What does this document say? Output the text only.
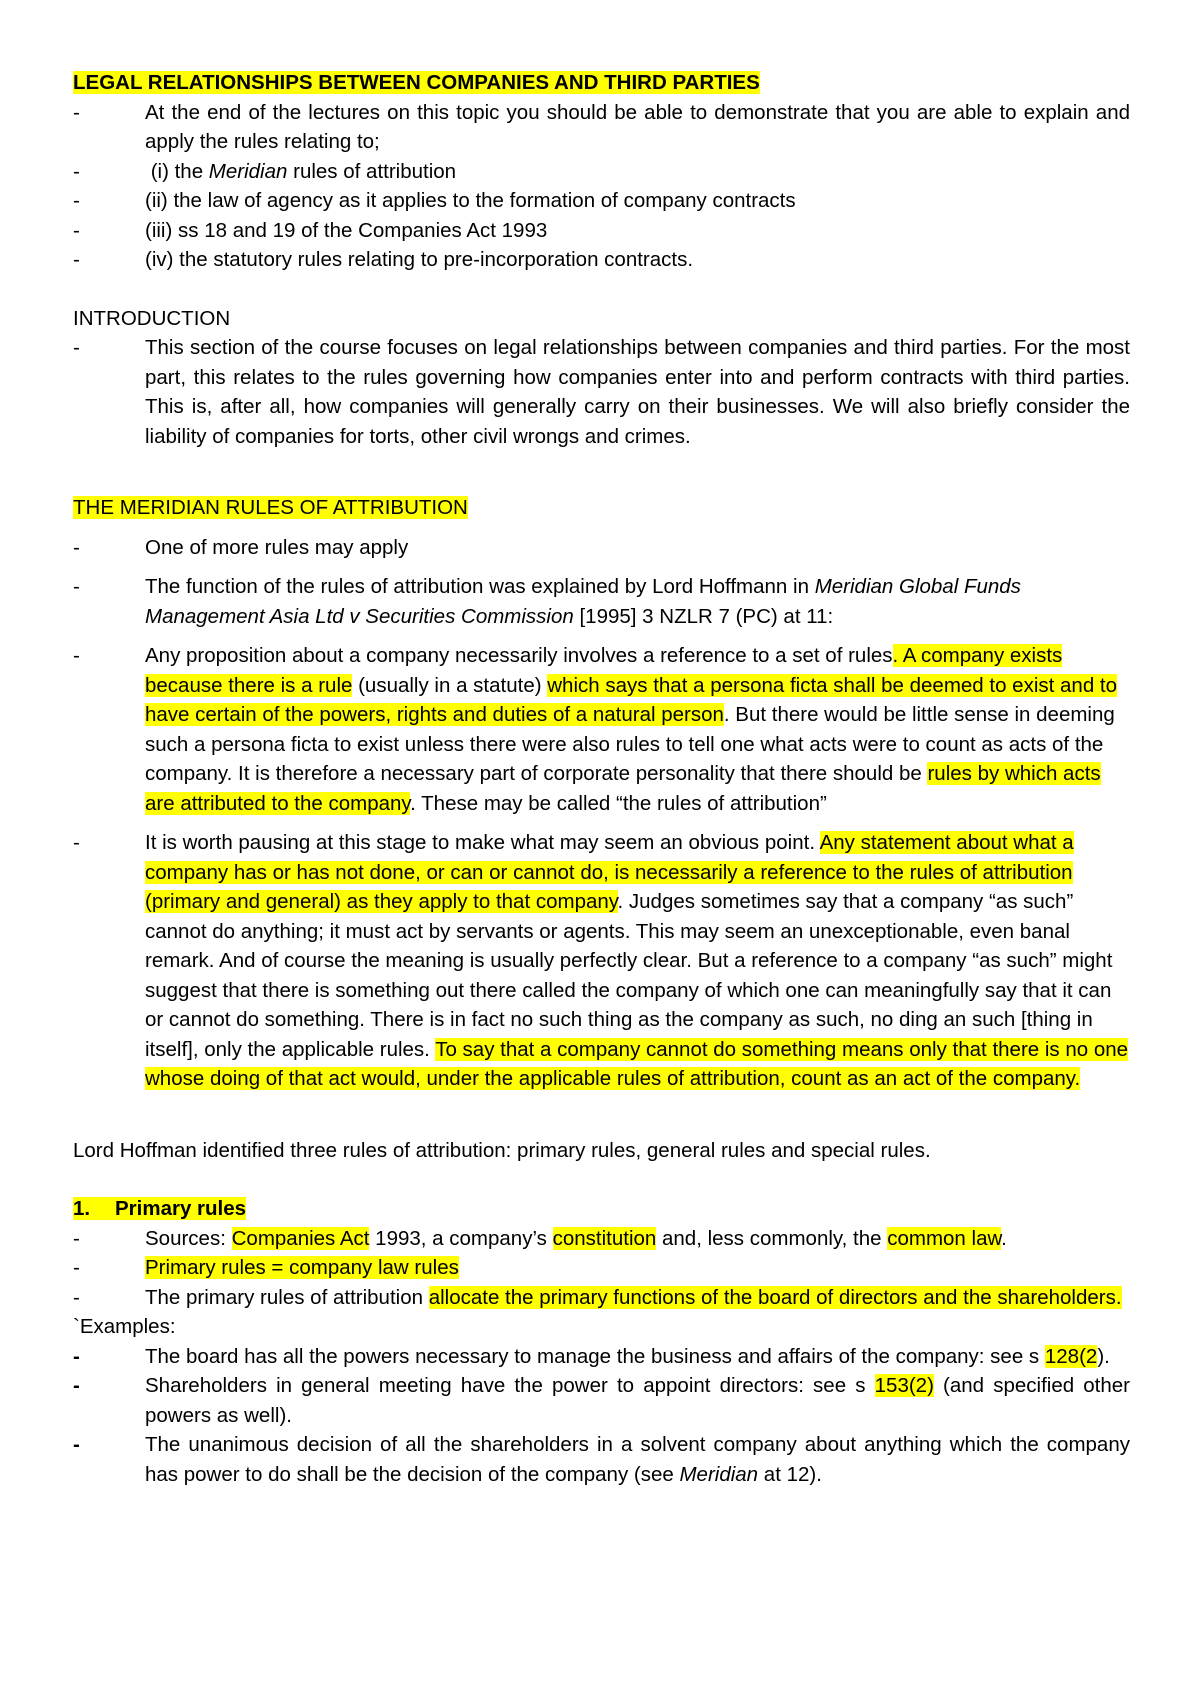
LEGAL RELATIONSHIPS BETWEEN COMPANIES AND THIRD PARTIES

- At the end of the lectures on this topic you should be able to demonstrate that you are able to explain and apply the rules relating to;
-  (i) the Meridian rules of attribution
- (ii) the law of agency as it applies to the formation of company contracts
- (iii) ss 18 and 19 of the Companies Act 1993
- (iv) the statutory rules relating to pre-incorporation contracts.

INTRODUCTION

- This section of the course focuses on legal relationships between companies and third parties. For the most part, this relates to the rules governing how companies enter into and perform contracts with third parties. This is, after all, how companies will generally carry on their businesses. We will also briefly consider the liability of companies for torts, other civil wrongs and crimes.

THE MERIDIAN RULES OF ATTRIBUTION

- One of more rules may apply
- The function of the rules of attribution was explained by Lord Hoffmann in Meridian Global Funds Management Asia Ltd v Securities Commission [1995] 3 NZLR 7 (PC) at 11:
- Any proposition about a company necessarily involves a reference to a set of rules. A company exists because there is a rule (usually in a statute) which says that a persona ficta shall be deemed to exist and to have certain of the powers, rights and duties of a natural person. But there would be little sense in deeming such a persona ficta to exist unless there were also rules to tell one what acts were to count as acts of the company. It is therefore a necessary part of corporate personality that there should be rules by which acts are attributed to the company. These may be called “the rules of attribution”
- It is worth pausing at this stage to make what may seem an obvious point. Any statement about what a company has or has not done, or can or cannot do, is necessarily a reference to the rules of attribution (primary and general) as they apply to that company. Judges sometimes say that a company “as such” cannot do anything; it must act by servants or agents. This may seem an unexceptionable, even banal remark. And of course the meaning is usually perfectly clear. But a reference to a company “as such” might suggest that there is something out there called the company of which one can meaningfully say that it can or cannot do something. There is in fact no such thing as the company as such, no ding an such [thing in itself], only the applicable rules. To say that a company cannot do something means only that there is no one whose doing of that act would, under the applicable rules of attribution, count as an act of the company.

Lord Hoffman identified three rules of attribution: primary rules, general rules and special rules.

1. Primary rules

- Sources: Companies Act 1993, a company’s constitution and, less commonly, the common law.
- Primary rules = company law rules
- The primary rules of attribution allocate the primary functions of the board of directors and the shareholders.

`Examples:

- The board has all the powers necessary to manage the business and affairs of the company: see s 128(2).
- Shareholders in general meeting have the power to appoint directors: see s 153(2) (and specified other powers as well).
- The unanimous decision of all the shareholders in a solvent company about anything which the company has power to do shall be the decision of the company (see Meridian at 12).
